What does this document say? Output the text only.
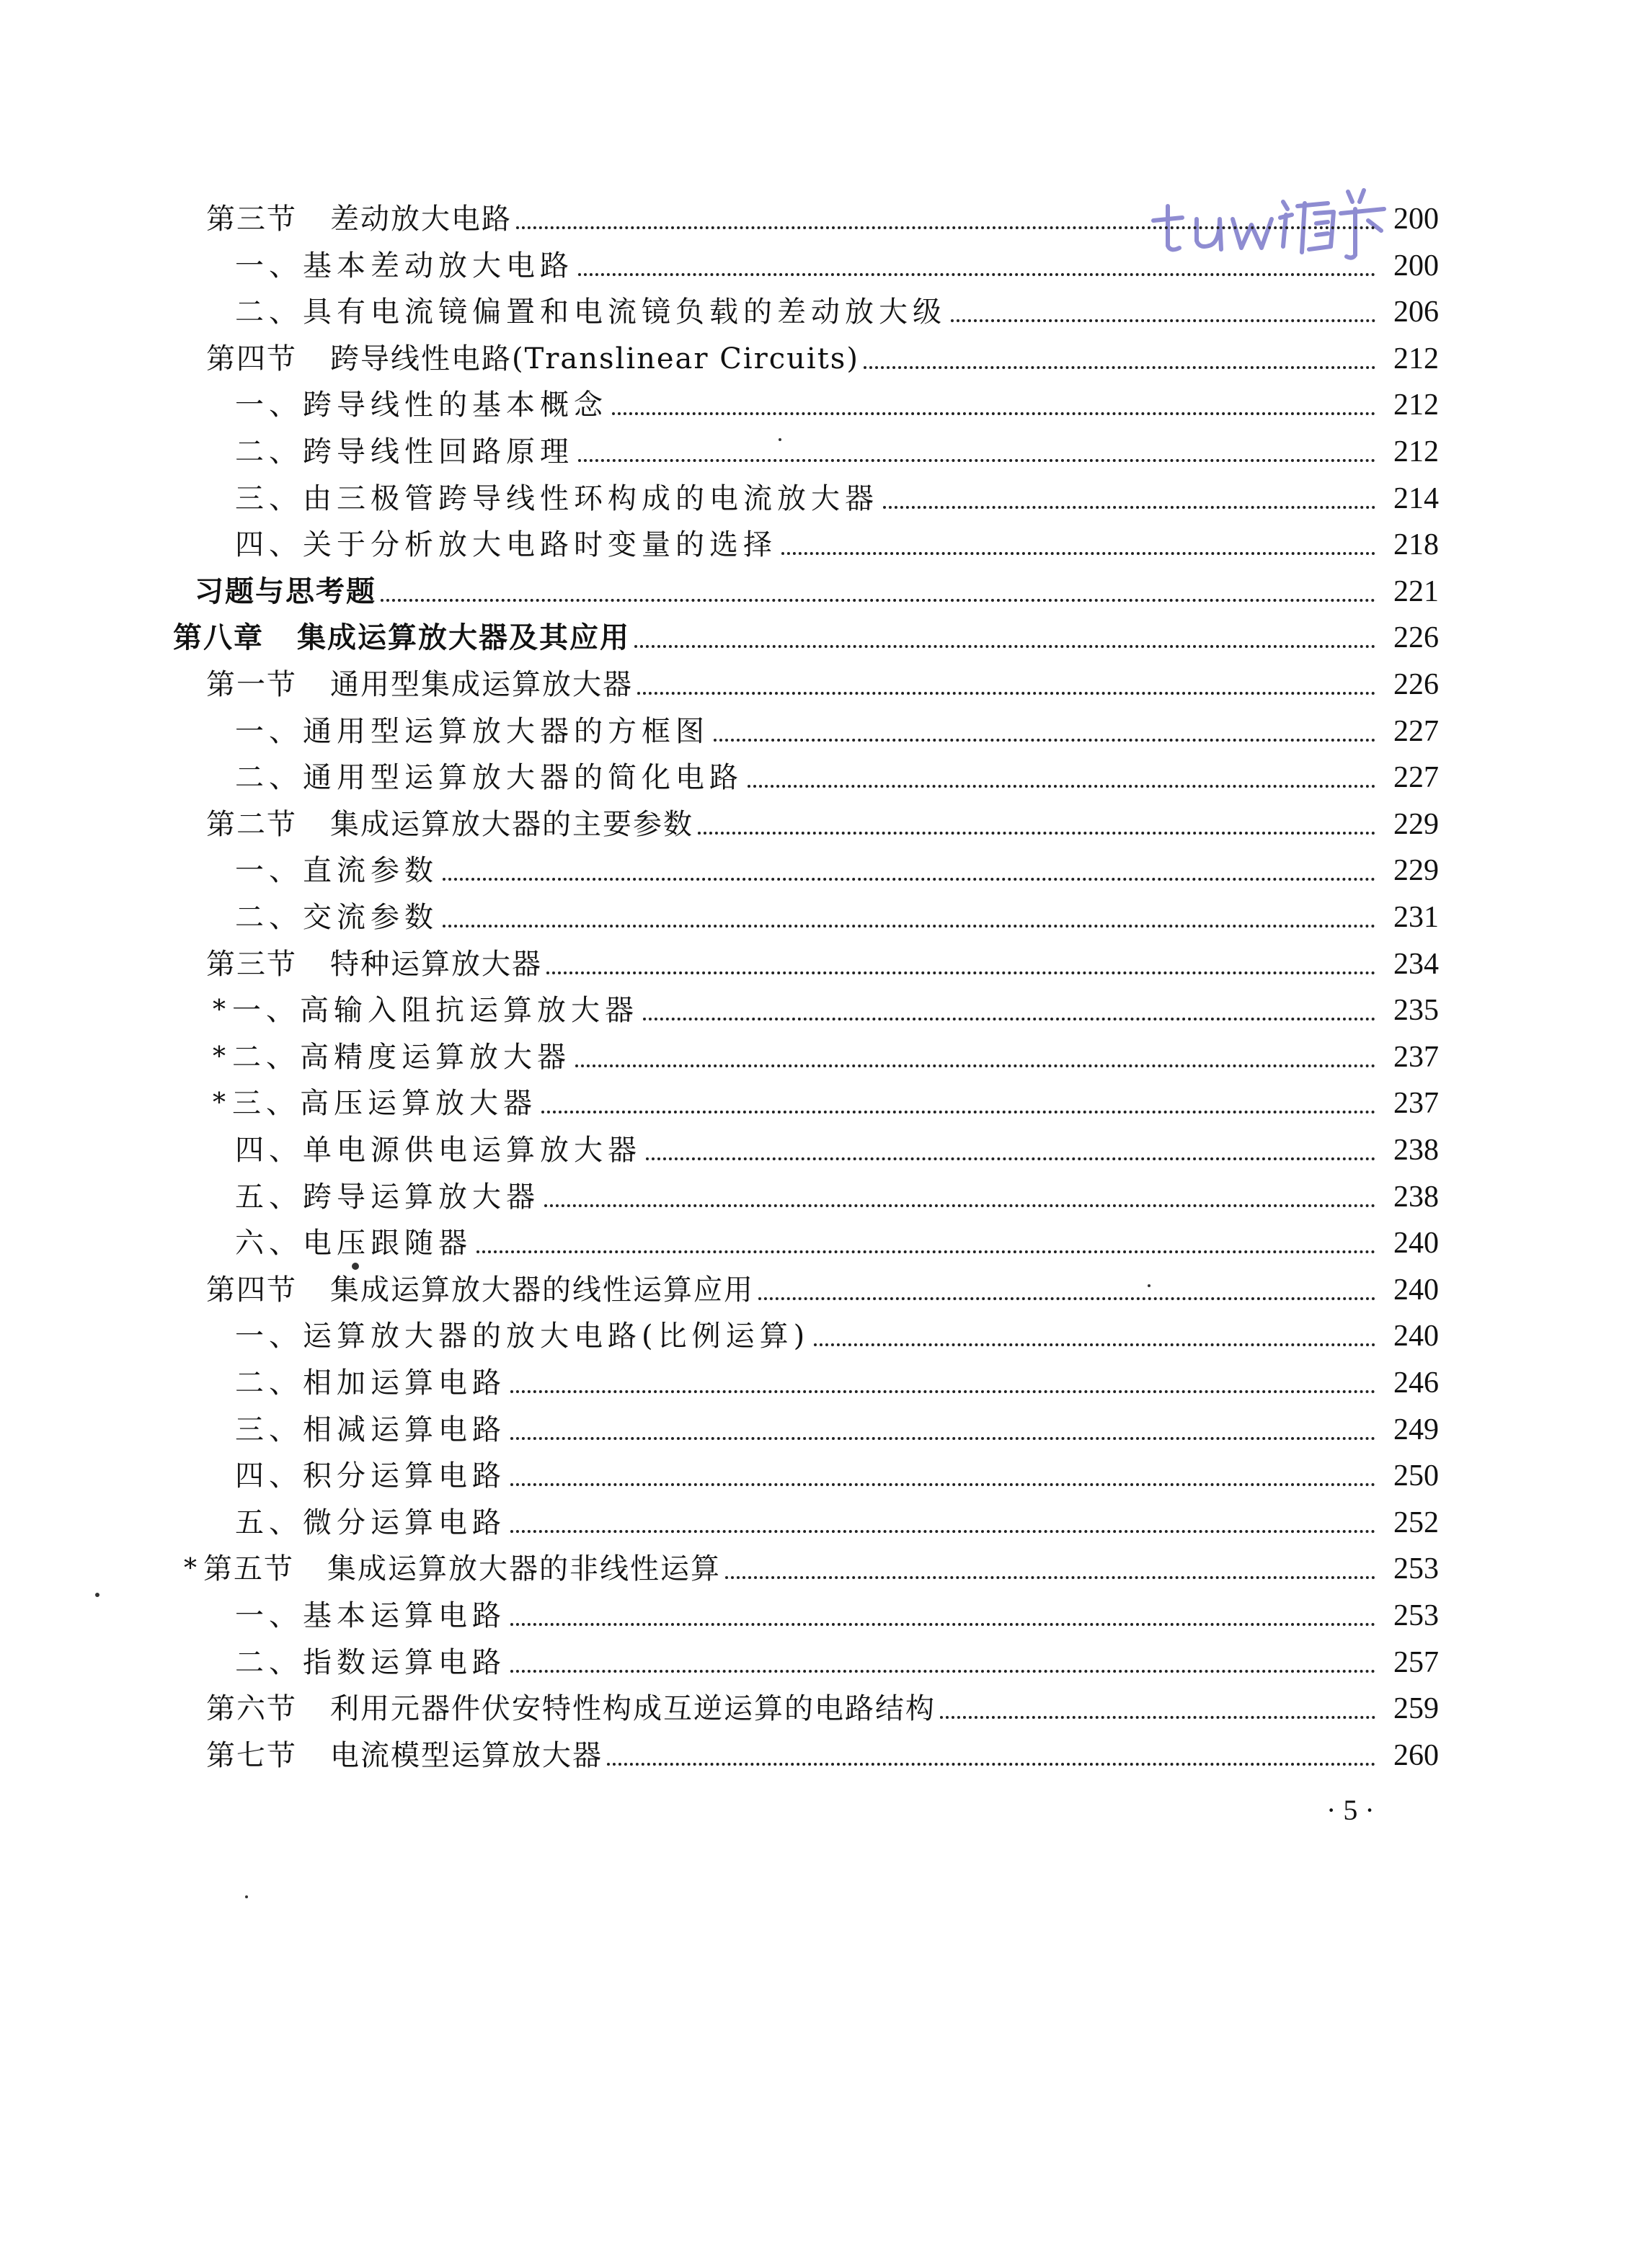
第三节 差动放大电路	200
一、基本差动放大电路	200
二、具有电流镜偏置和电流镜负载的差动放大级	206
第四节 跨导线性电路(Translinear Circuits)	212
一、跨导线性的基本概念	212
二、跨导线性回路原理	212
三、由三极管跨导线性环构成的电流放大器	214
四、关于分析放大电路时变量的选择	218
习题与思考题	221
第八章 集成运算放大器及其应用	226
第一节 通用型集成运算放大器	226
一、通用型运算放大器的方框图	227
二、通用型运算放大器的简化电路	227
第二节 集成运算放大器的主要参数	229
一、直流参数	229
二、交流参数	231
第三节 特种运算放大器	234
* 一、高输入阻抗运算放大器	235
* 二、高精度运算放大器	237
* 三、高压运算放大器	237
四、单电源供电运算放大器	238
五、跨导运算放大器	238
六、电压跟随器	240
第四节 集成运算放大器的线性运算应用	240
一、运算放大器的放大电路(比例运算)	240
二、相加运算电路	246
三、相减运算电路	249
四、积分运算电路	250
五、微分运算电路	252
* 第五节 集成运算放大器的非线性运算	253
一、基本运算电路	253
二、指数运算电路	257
第六节 利用元器件伏安特性构成互逆运算的电路结构	259
第七节 电流模型运算放大器	260
· 5 ·
